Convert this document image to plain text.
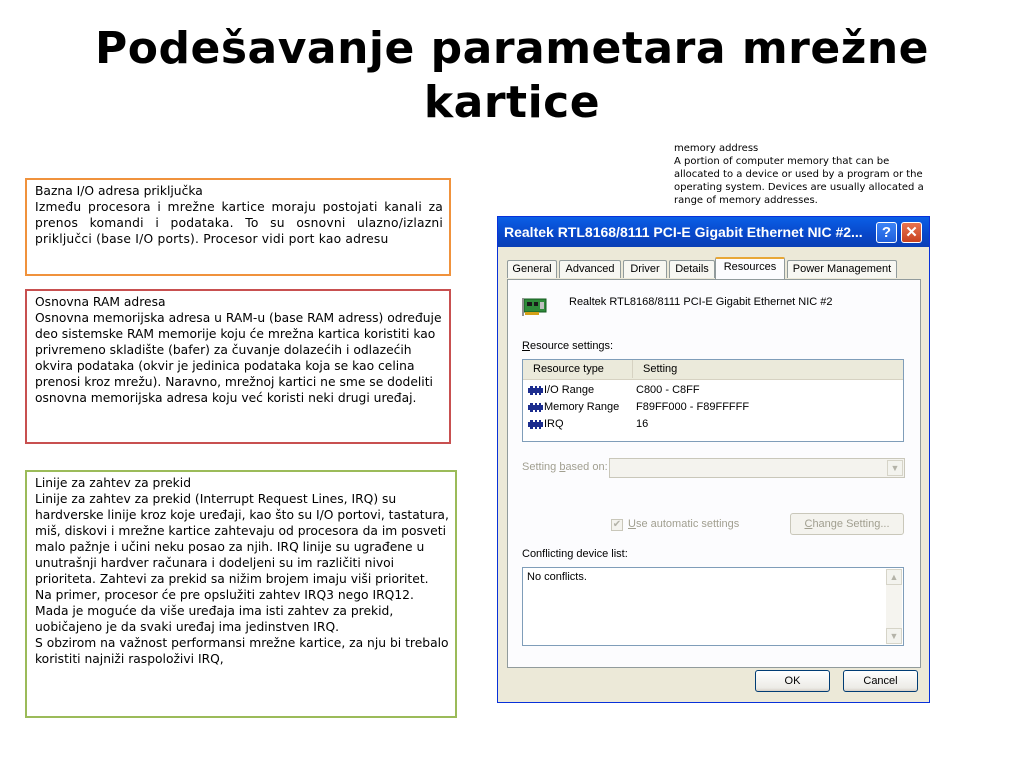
Podešavanje parametara mrežne
kartice
memory address
A portion of computer memory that can be allocated to a device or used by a program or the operating system. Devices are usually allocated a range of memory addresses.
Bazna I/O adresa priključka
Između procesora i mrežne kartice moraju postojati kanali za prenos komandi i podataka. To su osnovni ulazno/izlazni priključci (base I/O ports). Procesor vidi port kao adresu
Osnovna RAM adresa
Osnovna memorijska adresa u RAM-u (base RAM adress) određuje deo sistemske RAM memorije koju će mrežna kartica koristiti kao privremeno skladište (bafer) za čuvanje dolazećih i odlazećih okvira podataka (okvir je jedinica podataka koja se kao celina prenosi kroz mrežu). Naravno, mrežnoj kartici ne sme se dodeliti osnovna memorijska adresa koju već koristi neki drugi uređaj.
Linije za zahtev za prekid
Linije za zahtev za prekid (Interrupt Request Lines, IRQ) su hardverske linije kroz koje uređaji, kao što su I/O portovi, tastatura, miš, diskovi i mrežne kartice zahtevaju od procesora da im posveti malo pažnje i učini neku posao za njih. IRQ linije su ugrađene u unutrašnji hardver računara i dodeljeni su im različiti nivoi prioriteta. Zahtevi za prekid sa nižim brojem imaju viši prioritet. Na primer, procesor će pre opslužiti zahtev IRQ3 nego IRQ12. Mada je moguće da više uređaja ima isti zahtev za prekid, uobičajeno je da svaki uređaj ima jedinstven IRQ.
S obzirom na važnost performansi mrežne kartice, za nju bi trebalo koristiti najniži raspoloživi IRQ,
Realtek RTL8168/8111 PCI-E Gigabit Ethernet NIC #2...	? ✕
General	Advanced	Driver	Details	Resources	Power Management
Realtek RTL8168/8111 PCI-E Gigabit Ethernet NIC #2
Resource settings:
Resource type	Setting
I/O Range	C800 - C8FF
Memory Range F89FF000 - F89FFFFF
IRQ	16
Setting based on:	▼
✔ Use automatic settings	Change Setting...
Conflicting device list:
No conflicts.	▲
▼
OK	Cancel
